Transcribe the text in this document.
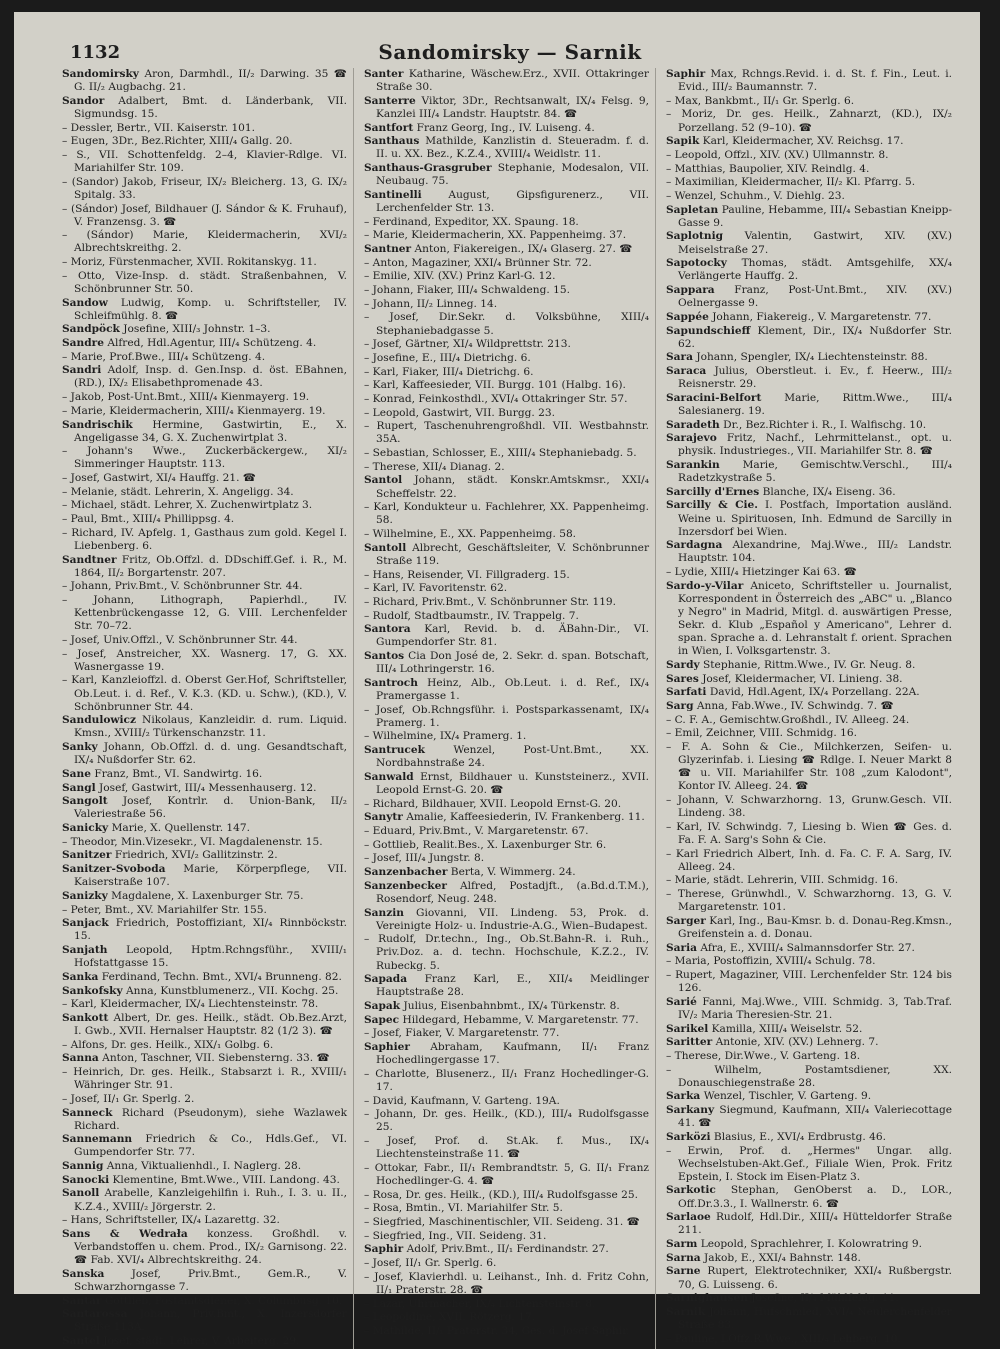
1132	Sandomirsky — Sarnik
Sandomirsky Aron, Darmhdl., II/₂ Darwing. 35 ☎ G. II/₂ Augbachg. 21.
Sandor Adalbert, Bmt. d. Länderbank, VII. Sigmundsg. 15.
– Dessler, Bertr., VII. Kaiserstr. 101.
– Eugen, 3Dr., Bez.Richter, XIII/₄ Gallg. 20.
– S., VII. Schottenfeldg. 2–4, Klavier-Rdlge. VI. Mariahilfer Str. 109.
– (Sandor) Jakob, Friseur, IX/₂ Bleicherg. 13, G. IX/₂ Spitalg. 33.
– (Sándor) Josef, Bildhauer (J. Sándor & K. Fruhauf), V. Franzensg. 3. ☎
– (Sándor) Marie, Kleidermacherin, XVI/₂ Albrechtskreithg. 2.
– Moriz, Fürstenmacher, XVII. Rokitanskyg. 11.
– Otto, Vize-Insp. d. städt. Straßenbahnen, V. Schönbrunner Str. 50.
Sandow Ludwig, Komp. u. Schriftsteller, IV. Schleifmühlg. 8. ☎
Sandpöck Josefine, XIII/₃ Johnstr. 1–3.
Sandre Alfred, Hdl.Agentur, III/₄ Schützeng. 4.
– Marie, Prof.Bwe., III/₄ Schützeng. 4.
Sandri Adolf, Insp. d. Gen.Insp. d. öst. EBahnen, (RD.), IX/₂ Elisabethpromenade 43.
– Jakob, Post-Unt.Bmt., XIII/₄ Kienmayerg. 19.
– Marie, Kleidermacherin, XIII/₄ Kienmayerg. 19.
Sandrischik Hermine, Gastwirtin, E., X. Angeligasse 34, G. X. Zuchenwirtplat 3.
– Johann's Wwe., Zuckerbäckergew., XI/₂ Simmeringer Hauptstr. 113.
– Josef, Gastwirt, XI/₄ Hauffg. 21. ☎
– Melanie, städt. Lehrerin, X. Angeligg. 34.
– Michael, städt. Lehrer, X. Zuchenwirtplatz 3.
– Paul, Bmt., XIII/₄ Phillippsg. 4.
– Richard, IV. Apfelg. 1, Gasthaus zum gold. Kegel I. Liebenberg. 6.
Sandtner Fritz, Ob.Offzl. d. DDschiff.Gef. i. R., M. 1864, II/₂ Borgartenstr. 207.
– Johann, Priv.Bmt., V. Schönbrunner Str. 44.
– Johann, Lithograph, Papierhdl., IV. Kettenbrückengasse 12, G. VIII. Lerchenfelder Str. 70–72.
– Josef, Univ.Offzl., V. Schönbrunner Str. 44.
– Josef, Anstreicher, XX. Wasnerg. 17, G. XX. Wasnergasse 19.
– Karl, Kanzleioffzl. d. Oberst Ger.Hof, Schriftsteller, Ob.Leut. i. d. Ref., V. K.3. (KD. u. Schw.), (KD.), V. Schönbrunner Str. 44.
Sandulowicz Nikolaus, Kanzleidir. d. rum. Liquid. Kmsn., XVIII/₂ Türkenschanzstr. 11.
Sanky Johann, Ob.Offzl. d. d. ung. Gesandtschaft, IX/₄ Nußdorfer Str. 62.
Sane Franz, Bmt., VI. Sandwirtg. 16.
Sangl Josef, Gastwirt, III/₄ Messenhauserg. 12.
Sangolt Josef, Kontrlr. d. Union-Bank, II/₂ Valeriestraße 56.
Sanicky Marie, X. Quellenstr. 147.
– Theodor, Min.Vizesekr., VI. Magdalenenstr. 15.
Sanitzer Friedrich, XVI/₂ Gallitzinstr. 2.
Sanitzer-Svoboda Marie, Körperpflege, VII. Kaiserstraße 107.
Sanizky Magdalene, X. Laxenburger Str. 75.
– Peter, Bmt., XV. Mariahilfer Str. 155.
Sanjack Friedrich, Postoffiziant, XI/₄ Rinnböckstr. 15.
Sanjath Leopold, Hptm.Rchngsführ., XVIII/₁ Hofstattgasse 15.
Sanka Ferdinand, Techn. Bmt., XVI/₄ Brunneng. 82.
Sankofsky Anna, Kunstblumenerz., VII. Kochg. 25.
– Karl, Kleidermacher, IX/₄ Liechtensteinstr. 78.
Sankott Albert, Dr. ges. Heilk., städt. Ob.Bez.Arzt, I. Gwb., XVII. Hernalser Hauptstr. 82 (1/2 3). ☎
– Alfons, Dr. ges. Heilk., XIX/₁ Golbg. 6.
Sanna Anton, Taschner, VII. Siebensterng. 33. ☎
– Heinrich, Dr. ges. Heilk., Stabsarzt i. R., XVIII/₁ Währinger Str. 91.
– Josef, II/₁ Gr. Sperlg. 2.
Sanneck Richard (Pseudonym), siehe Wazlawek Richard.
Sannemann Friedrich & Co., Hdls.Gef., VI. Gumpendorfer Str. 77.
Sannig Anna, Viktualienhdl., I. Naglerg. 28.
Sanocki Klementine, Bmt.Wwe., VIII. Landong. 43.
Sanoll Arabelle, Kanzleigehilfin i. Ruh., I. 3. u. II., K.Z.4., XVIII/₂ Jörgerstr. 2.
– Hans, Schriftsteller, IX/₄ Lazarettg. 32.
Sans & Wedrała konzess. Großhdl. v. Verbandstoffen u. chem. Prod., IX/₂ Garnisong. 22. ☎ Fab. XVI/₄ Albrechtskreithg. 24.
Sanska	Josef, Priv.Bmt., Gem.R., V. Schwarzhorngasse 7.
Santar Gottlieb, Postamtsdiener, X. Columbusg. 10.
Santarossa Johann, Priv.Bmt., X. Inzersdorfer Straße 113A.
Santel Josef, städt. Lehrer, V. Arbeiterg. 29.
Santer Katharine, Wäschew.Erz., XVII. Ottakringer Straße 30.
Santerre Viktor, 3Dr., Rechtsanwalt, IX/₄ Felsg. 9, Kanzlei III/₄ Landstr. Hauptstr. 84. ☎
Santfort Franz Georg, Ing., IV. Luiseng. 4.
Santhaus Mathilde, Kanzlistin d. Steueradm. f. d. II. u. XX. Bez., K.Z.4., XVIII/₄ Weidlstr. 11.
Santhaus-Grasgruber Stephanie, Modesalon, VII. Neubaug. 75.
Santinelli	August, Gipsfigurenerz., VII. Lerchenfelder Str. 13.
– Ferdinand, Expeditor, XX. Spaung. 18.
– Marie, Kleidermacherin, XX. Pappenheimg. 37.
Santner Anton, Fiakereigen., IX/₄ Glaserg. 27. ☎
– Anton, Magaziner, XXI/₄ Brünner Str. 72.
– Emilie, XIV. (XV.) Prinz Karl-G. 12.
– Johann, Fiaker, III/₄ Schwaldeng. 15.
– Johann, II/₂ Linneg. 14.
– Josef, Dir.Sekr. d. Volksbühne, XIII/₄ Stephaniebadgasse 5.
– Josef, Gärtner, XI/₄ Wildprettstr. 213.
– Josefine, E., III/₄ Dietrichg. 6.
– Karl, Fiaker, III/₄ Dietrichg. 6.
– Karl, Kaffeesieder, VII. Burgg. 101 (Halbg. 16).
– Konrad, Feinkosthdl., XVI/₄ Ottakringer Str. 57.
– Leopold, Gastwirt, VII. Burgg. 23.
– Rupert, Taschenuhrengroßhdl. VII. Westbahnstr. 35A.
– Sebastian, Schlosser, E., XIII/₄ Stephaniebadg. 5.
– Therese, XII/₄ Dianag. 2.
Santol Johann, städt. Konskr.Amtskmsr., XXI/₄ Scheffelstr. 22.
– Karl, Kondukteur u. Fachlehrer, XX. Pappenheimg. 58.
– Wilhelmine, E., XX. Pappenheimg. 58.
Santoll Albrecht, Geschäftsleiter, V. Schönbrunner Straße 119.
– Hans, Reisender, VI. Fillgraderg. 15.
– Karl, IV. Favoritenstr. 62.
– Richard, Priv.Bmt., V. Schönbrunner Str. 119.
– Rudolf, Stadtbaumstr., IV. Trappelg. 7.
Santora Karl, Revid. b. d. ÄBahn-Dir., VI. Gumpendorfer Str. 81.
Santos Cia Don José de, 2. Sekr. d. span. Botschaft, III/₄ Lothringerstr. 16.
Santroch Heinz, Alb., Ob.Leut. i. d. Ref., IX/₄ Pramergasse 1.
– Josef, Ob.Rchngsführ. i. Postsparkassenamt, IX/₄ Pramerg. 1.
– Wilhelmine, IX/₄ Pramerg. 1.
Santrucek	Wenzel, Post-Unt.Bmt., XX. Nordbahnstraße 24.
Sanwald Ernst, Bildhauer u. Kunststeinerz., XVII. Leopold Ernst-G. 20. ☎
– Richard, Bildhauer, XVII. Leopold Ernst-G. 20.
Sanytr Amalie, Kaffeesiederin, IV. Frankenberg. 11.
– Eduard, Priv.Bmt., V. Margaretenstr. 67.
– Gottlieb, Realit.Bes., X. Laxenburger Str. 6.
– Josef, III/₄ Jungstr. 8.
Sanzenbacher Berta, V. Wimmerg. 24.
Sanzenbecker Alfred, Postadjft., (a.Bd.d.T.M.), Rosendorf, Neug. 248.
Sanzin Giovanni, VII. Lindeng. 53, Prok. d. Vereinigte Holz- u. Industrie-A.G., Wien–Budapest.
– Rudolf, Dr.techn., Ing., Ob.St.Bahn-R. i. Ruh., Priv.Doz. a. d. techn. Hochschule, K.Z.2., IV. Rubeckg. 5.
Sapada Franz Karl, E., XII/₄ Meidlinger Hauptstraße 28.
Sapak Julius, Eisenbahnbmt., IX/₄ Türkenstr. 8.
Sapec Hildegard, Hebamme, V. Margaretenstr. 77.
– Josef, Fiaker, V. Margaretenstr. 77.
Saphier Abraham, Kaufmann, II/₁ Franz Hochedlingergasse 17.
– Charlotte, Blusenerz., II/₁ Franz Hochedlinger-G. 17.
– David, Kaufmann, V. Garteng. 19A.
– Johann, Dr. ges. Heilk., (KD.), III/₄ Rudolfsgasse 25.
– Josef, Prof. d. St.Ak. f. Mus., IX/₄ Liechtensteinstraße 11. ☎
– Ottokar, Fabr., II/₁ Rembrandtstr. 5, G. II/₁ Franz Hochedlinger-G. 4. ☎
– Rosa, Dr. ges. Heilk., (KD.), III/₄ Rudolfsgasse 25.
– Rosa, Bmtin., VI. Mariahilfer Str. 5.
– Siegfried, Maschinentischler, VII. Seideng. 31. ☎
– Siegfried, Ing., VII. Seideng. 31.
Saphir Adolf, Priv.Bmt., II/₁ Ferdinandstr. 27.
– Josef, II/₁ Gr. Sperlg. 6.
– Josef, Klavierhdl. u. Leihanst., Inh. d. Fritz Cohn, II/₁ Praterstr. 28. ☎
– Lazar, Uhrmacher, IX/₄ Lichtensteinstr. 8.
– Leopoldine, XVII. Rötzerg. 17.
– Mathilde, II/₁ Praterstr. 34, Ges. d. Josef Saphir.
Saphir Max, Rchngs.Revid. i. d. St. f. Fin., Leut. i. Evid., III/₂ Baumannstr. 7.
– Max, Bankbmt., II/₁ Gr. Sperlg. 6.
– Moriz, Dr. ges. Heilk., Zahnarzt, (KD.), IX/₂ Porzellang. 52 (9–10). ☎
Sapik Karl, Kleidermacher, XV. Reichsg. 17.
– Leopold, Offzl., XIV. (XV.) Ullmannstr. 8.
– Matthias, Baupolier, XIV. Reindlg. 4.
– Maximilian, Kleidermacher, II/₂ Kl. Pfarrg. 5.
– Wenzel, Schuhm., V. Diehlg. 23.
Sapletan Pauline, Hebamme, III/₄ Sebastian Kneipp-Gasse 9.
Saplotnig Valentin, Gastwirt, XIV. (XV.) Meiselstraße 27.
Sapotocky Thomas, städt. Amtsgehilfe, XX/₄ Verlängerte Hauffg. 2.
Sappara Franz, Post-Unt.Bmt., XIV. (XV.) Oelnergasse 9.
Sappée Johann, Fiakereig., V. Margaretenstr. 77.
Sapundschieff Klement, Dir., IX/₄ Nußdorfer Str. 62.
Sara Johann, Spengler, IX/₄ Liechtensteinstr. 88.
Saraca Julius, Oberstleut. i. Ev., f. Heerw., III/₂ Reisnerstr. 29.
Saracini-Belfort Marie, Rittm.Wwe., III/₄ Salesianerg. 19.
Saradeth Dr., Bez.Richter i. R., I. Walfischg. 10.
Sarajevo Fritz, Nachf., Lehrmittelanst., opt. u. physik. Industrieges., VII. Mariahilfer Str. 8. ☎
Sarankin Marie, Gemischtw.Verschl., III/₄ Radetzkystraße 5.
Sarcilly d'Ernes Blanche, IX/₄ Eiseng. 36.
Sarcilly & Cie. I. Postfach, Importation ausländ. Weine u. Spirituosen, Inh. Edmund de Sarcilly in Inzersdorf bei Wien.
Sardagna Alexandrine, Maj.Wwe., III/₂ Landstr. Hauptstr. 104.
– Lydie, XIII/₄ Hietzinger Kai 63. ☎
Sardo-y-Vilar Aniceto, Schriftsteller u. Journalist, Korrespondent in Österreich des „ABC" u. „Blanco y Negro" in Madrid, Mitgl. d. auswärtigen Presse, Sekr. d. Klub „Español y Americano", Lehrer d. span. Sprache a. d. Lehranstalt f. orient. Sprachen in Wien, I. Volksgartenstr. 3.
Sardy Stephanie, Rittm.Wwe., IV. Gr. Neug. 8.
Sares Josef, Kleidermacher, VI. Linieng. 38.
Sarfati David, Hdl.Agent, IX/₄ Porzellang. 22A.
Sarg Anna, Fab.Wwe., IV. Schwindg. 7. ☎
– C. F. A., Gemischtw.Großhdl., IV. Alleeg. 24.
– Emil, Zeichner, VIII. Schmidg. 16.
– F. A. Sohn & Cie., Milchkerzen, Seifen- u. Glyzerinfab. i. Liesing ☎ Rdlge. I. Neuer Markt 8 ☎ u. VII. Mariahilfer Str. 108 „zum Kalodont", Kontor IV. Alleeg. 24. ☎
– Johann, V. Schwarzhorng. 13, Grunw.Gesch. VII. Lindeng. 38.
– Karl, IV. Schwindg. 7, Liesing b. Wien ☎ Ges. d. Fa. F. A. Sarg's Sohn & Cie.
– Karl Friedrich Albert, Inh. d. Fa. C. F. A. Sarg, IV. Alleeg. 24.
– Marie, städt. Lehrerin, VIII. Schmidg. 16.
– Therese, Grünwhdl., V. Schwarzhorng. 13, G. V. Margaretenstr. 101.
Sarger Karl, Ing., Bau-Kmsr. b. d. Donau-Reg.Kmsn., Greifenstein a. d. Donau.
Saria Afra, E., XVIII/₄ Salmannsdorfer Str. 27.
– Maria, Postoffizin, XVIII/₄ Schulg. 78.
– Rupert, Magaziner, VIII. Lerchenfelder Str. 124 bis 126.
Sarié Fanni, Maj.Wwe., VIII. Schmidg. 3, Tab.Traf. IV/₂ Maria Theresien-Str. 21.
Sarikel Kamilla, XIII/₄ Weiselstr. 52.
Saritter Antonie, XIV. (XV.) Lehnerg. 7.
– Therese, Dir.Wwe., V. Garteng. 18.
– Wilhelm, Postamtsdiener, XX. Donauschiegenstraße 28.
Sarka Wenzel, Tischler, V. Garteng. 9.
Sarkany Siegmund, Kaufmann, XII/₄ Valeriecottage 41. ☎
Sarközi Blasius, E., XVI/₄ Erdbrustg. 46.
– Erwin, Prof. d. „Hermes" Ungar. allg. Wechselstuben-Akt.Gef., Filiale Wien, Prok. Fritz Epstein, I. Stock im Eisen-Platz 3.
Sarkotic Stephan, GenOberst a. D., LOR., Off.Dr.3.3., I. Wallnerstr. 6. ☎
Sarlaoe Rudolf, Hdl.Dir., XIII/₄ Hütteldorfer Straße 211.
Sarm Leopold, Sprachlehrer, I. Kolowratring 9.
Sarna Jakob, E., XXI/₄ Bahnstr. 148.
Sarne Rupert, Elektrotechniker, XXI/₄ Rußbergstr. 70, G. Luisseng. 6.
Sarnighausen Josefine, II/₄ Mühlfeldg. 11.
Sarnik Johann, Hufschmied, XVI/₄ Neulerchenfelder Straße 83.
– Pauline, LOffz.R.Wwe., XIII/₄ Lehberg. 10.
